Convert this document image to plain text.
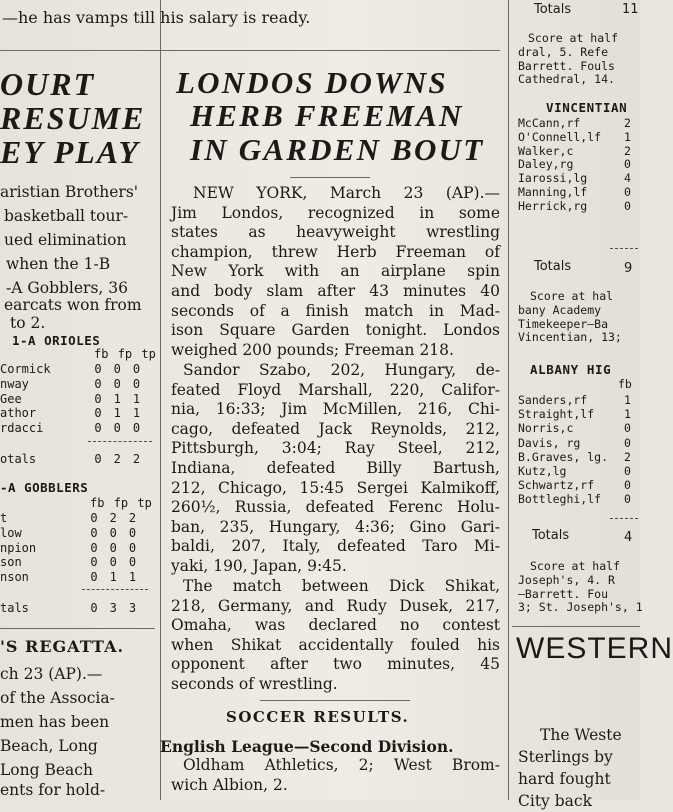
—he has vamps till his salary is ready.
OURT
RESUME
EY PLAY
aristian Brothers'
basketball tour-
ued elimination
when the 1-B
-A Gobblers, 36
earcats won from
to 2.
1-A ORIOLES
fb fp tp
Cormick	0 0 0
nway	0 0 0
Gee	0 1 1
athor	0 1 1
rdacci	0 0 0
otals	0 2 2
-A GOBBLERS
fb fp tp
t	0 2 2
low	0 0 0
npion	0 0 0
son	0 0 0
nson	0 1 1
tals	0 3 3
'S REGATTA.
ch 23 (AP).—
of the Associa-
men has been
Beach, Long
Long Beach
ents for hold-
LONDOS DOWNS
HERB FREEMAN
IN GARDEN BOUT
NEW YORK, March 23 (AP).—
Jim Londos, recognized in some
states as heavyweight wrestling
champion, threw Herb Freeman of
New York with an airplane spin
and body slam after 43 minutes 40
seconds of a finish match in Mad-
ison Square Garden tonight. Londos
weighed 200 pounds; Freeman 218.
Sandor Szabo, 202, Hungary, de-
feated Floyd Marshall, 220, Califor-
nia, 16:33; Jim McMillen, 216, Chi-
cago, defeated Jack Reynolds, 212,
Pittsburgh, 3:04; Ray Steel, 212,
Indiana, defeated Billy Bartush,
212, Chicago, 15:45 Sergei Kalmikoff,
260½, Russia, defeated Ferenc Holu-
ban, 235, Hungary, 4:36; Gino Gari-
baldi, 207, Italy, defeated Taro Mi-
yaki, 190, Japan, 9:45.
The match between Dick Shikat,
218, Germany, and Rudy Dusek, 217,
Omaha, was declared no contest
when Shikat accidentally fouled his
opponent after two minutes, 45
seconds of wrestling.
SOCCER RESULTS.
English League—Second Division.
Oldham Athletics, 2; West Brom-
wich Albion, 2.
Totals	11
Score at half
dral, 5. Refe
Barrett. Fouls
Cathedral, 14.
VINCENTIAN
McCann,rf	2
O'Connell,lf 1
Walker,c	2
Daley,rg	0
Iarossi,lg	4
Manning,lf	0
Herrick,rg	0
Totals	9
Score at hal
bany Academy
Timekeeper—Ba
Vincentian, 13;
ALBANY HIG
fb
Sanders,rf	1
Straight,lf	1
Norris,c	0
Davis, rg	0
B.Graves, lg. 2
Kutz,lg	0
Schwartz,rf	0
Bottleghi,lf 0
Totals	4
Score at half
Joseph's, 4. R
—Barrett. Fou
3; St. Joseph's, 1
WESTERN
The Weste
Sterlings by
hard fought
City back
